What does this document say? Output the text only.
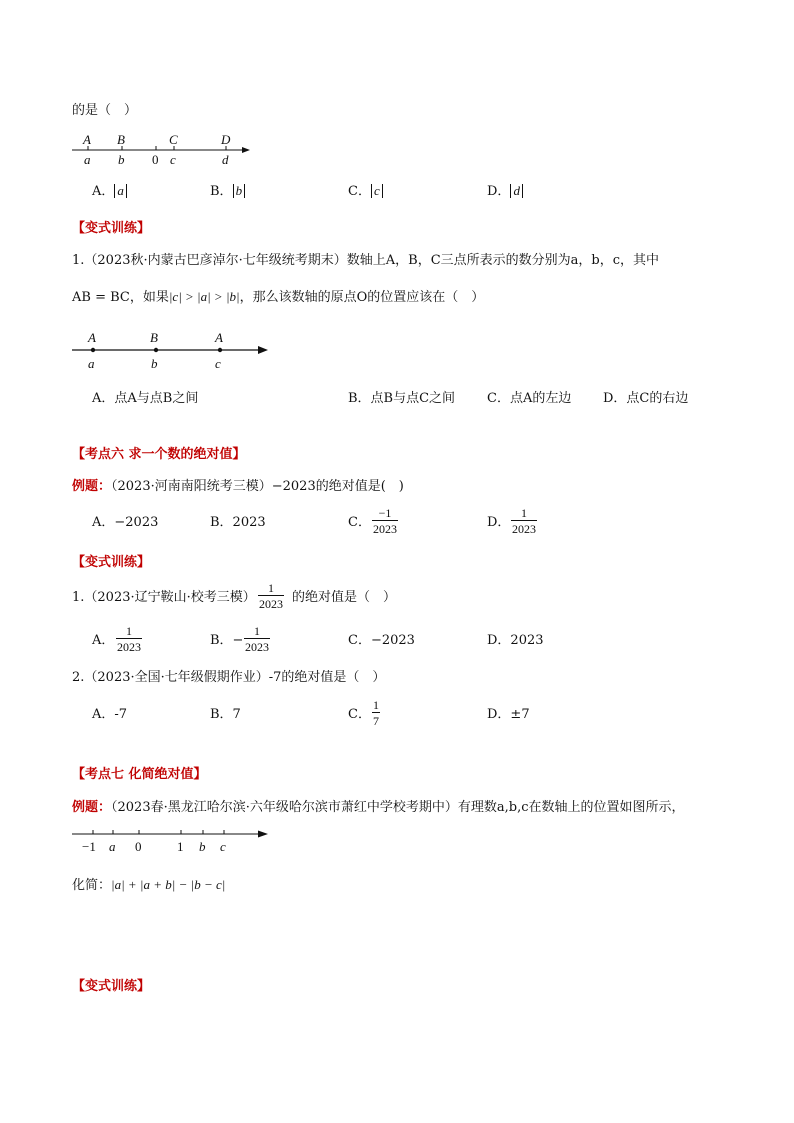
的是（　）
A B	C	D
a b 0 c	d
A． a	B． b	C． c	D． d
【变式训练】
1.（2023秋·内蒙古巴彦淖尔·七年级统考期末）数轴上A，B，C三点所表示的数分别为a，b，c，其中
AB = BC，如果|c| > |a| > |b|，那么该数轴的原点O的位置应该在（　）
A	B	A
a	b	c
A．点A与点B之间	B．点B与点C之间 C．点A的左边 D．点C的右边
【考点六 求一个数的绝对值】
例题：（2023·河南南阳统考三模）−2023的绝对值是(　)
A．−2023	B．2023	C． $\frac{-1}{2023}$	D． $\frac{1}{2023}$
【变式训练】
1.（2023·辽宁鞍山·校考三模） $\frac{1}{2023}$ 的绝对值是（　）
A． $\frac{1}{2023}$	B．− $\frac{1}{2023}$	C．−2023	D．2023
2.（2023·全国·七年级假期作业）-7的绝对值是（　）
A．-7	B．7	C． $\frac{1}{7}$	D．±7
【考点七 化简绝对值】
例题：（2023春·黑龙江哈尔滨·六年级哈尔滨市萧红中学校考期中）有理数a,b,c在数轴上的位置如图所示，
−1 a 0	1 b c
化简：|a| + |a + b| − |b − c|
【变式训练】
